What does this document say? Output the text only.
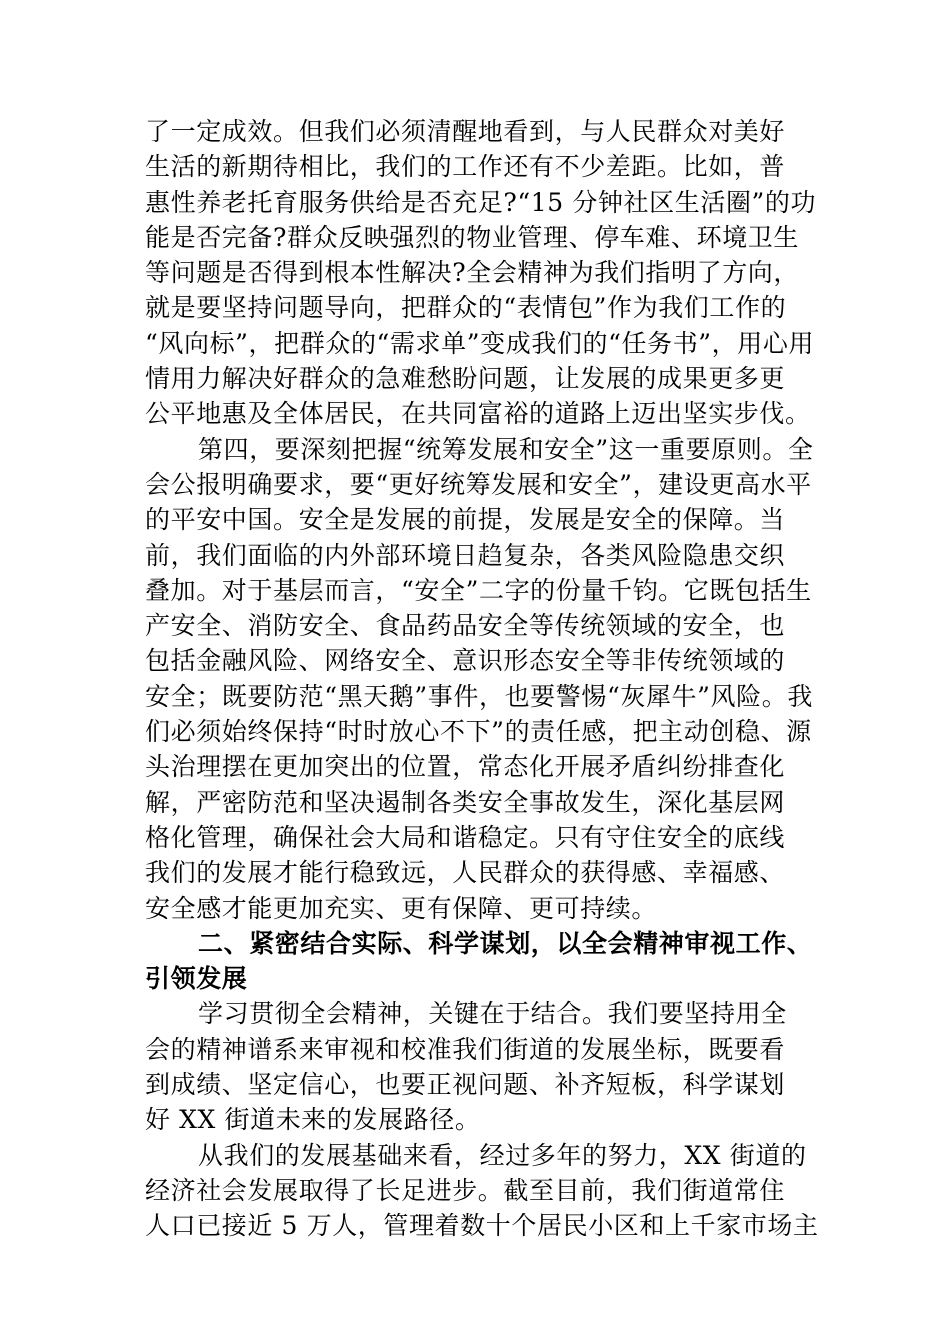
了一定成效。但我们必须清醒地看到，与人民群众对美好
生活的新期待相比，我们的工作还有不少差距。比如，普
惠性养老托育服务供给是否充足?“15 分钟社区生活圈”的功
能是否完备?群众反映强烈的物业管理、停车难、环境卫生
等问题是否得到根本性解决?全会精神为我们指明了方向，
就是要坚持问题导向，把群众的“表情包”作为我们工作的
“风向标”，把群众的“需求单”变成我们的“任务书”，用心用
情用力解决好群众的急难愁盼问题，让发展的成果更多更
公平地惠及全体居民，在共同富裕的道路上迈出坚实步伐。
第四，要深刻把握“统筹发展和安全”这一重要原则。全
会公报明确要求，要“更好统筹发展和安全”，建设更高水平
的平安中国。安全是发展的前提，发展是安全的保障。当
前，我们面临的内外部环境日趋复杂，各类风险隐患交织
叠加。对于基层而言，“安全”二字的份量千钧。它既包括生
产安全、消防安全、食品药品安全等传统领域的安全，也
包括金融风险、网络安全、意识形态安全等非传统领域的
安全；既要防范“黑天鹅”事件，也要警惕“灰犀牛”风险。我
们必须始终保持“时时放心不下”的责任感，把主动创稳、源
头治理摆在更加突出的位置，常态化开展矛盾纠纷排查化
解，严密防范和坚决遏制各类安全事故发生，深化基层网
格化管理，确保社会大局和谐稳定。只有守住安全的底线
我们的发展才能行稳致远，人民群众的获得感、幸福感、
安全感才能更加充实、更有保障、更可持续。
二、紧密结合实际、科学谋划，以全会精神审视工作、
引领发展
学习贯彻全会精神，关键在于结合。我们要坚持用全
会的精神谱系来审视和校准我们街道的发展坐标，既要看
到成绩、坚定信心，也要正视问题、补齐短板，科学谋划
好 XX 街道未来的发展路径。
从我们的发展基础来看，经过多年的努力，XX 街道的
经济社会发展取得了长足进步。截至目前，我们街道常住
人口已接近 5 万人，管理着数十个居民小区和上千家市场主
